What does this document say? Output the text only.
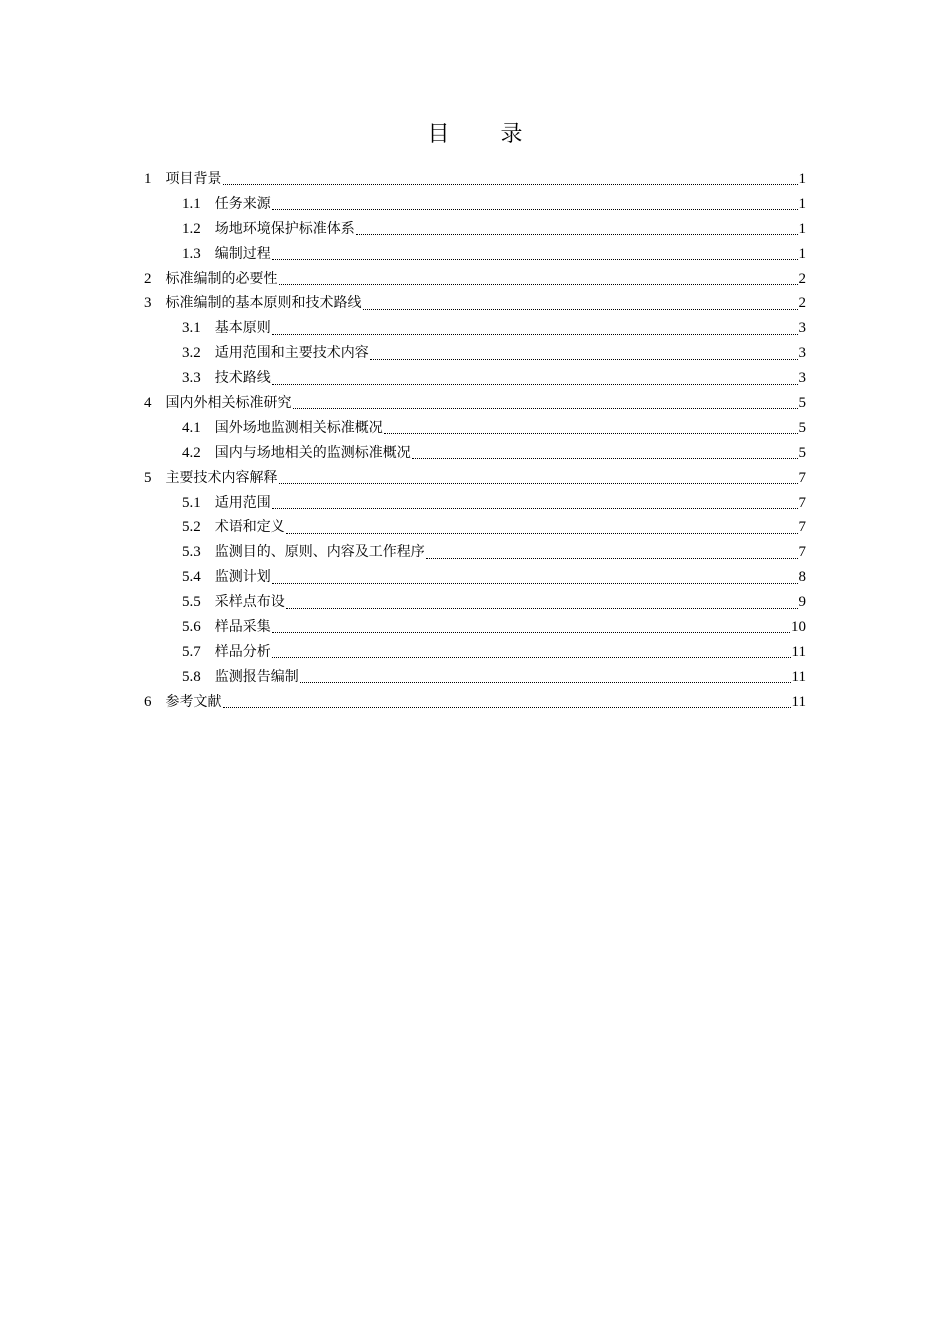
目 录
1 项目背景	1
1.1 任务来源	1
1.2 场地环境保护标准体系	1
1.3 编制过程	1
2 标准编制的必要性	2
3 标准编制的基本原则和技术路线	2
3.1 基本原则	3
3.2 适用范围和主要技术内容	3
3.3 技术路线	3
4 国内外相关标准研究	5
4.1 国外场地监测相关标准概况	5
4.2 国内与场地相关的监测标准概况	5
5 主要技术内容解释	7
5.1 适用范围	7
5.2 术语和定义	7
5.3 监测目的、原则、内容及工作程序	7
5.4 监测计划	8
5.5 采样点布设	9
5.6 样品采集	10
5.7 样品分析	11
5.8 监测报告编制	11
6 参考文献	11
